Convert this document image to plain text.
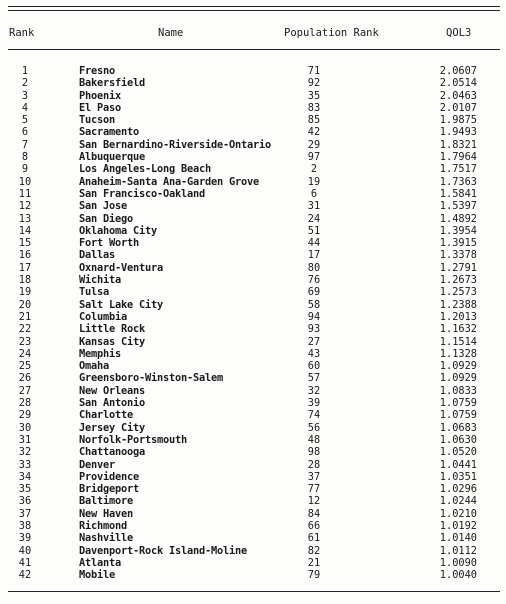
Rank	Name	Population Rank	QOL3
1	Fresno	71	2.0607
2	Bakersfield	92	2.0514
3	Phoenix	35	2.0463
4	El Paso	83	2.0107
5	Tucson	85	1.9875
6	Sacramento	42	1.9493
7	San Bernardino-Riverside-Ontario	29	1.8321
8	Albuquerque	97	1.7964
9	Los Angeles-Long Beach	2	1.7517
10	Anaheim-Santa Ana-Garden Grove	19	1.7363
11	San Francisco-Oakland	6	1.5841
12	San Jose	31	1.5397
13	San Diego	24	1.4892
14	Oklahoma City	51	1.3954
15	Fort Worth	44	1.3915
16	Dallas	17	1.3378
17	Oxnard-Ventura	80	1.2791
18	Wichita	76	1.2673
19	Tulsa	69	1.2573
20	Salt Lake City	58	1.2388
21	Columbia	94	1.2013
22	Little Rock	93	1.1632
23	Kansas City	27	1.1514
24	Memphis	43	1.1328
25	Omaha	60	1.0929
26	Greensboro-Winston-Salem	57	1.0929
27	New Orleans	32	1.0833
28	San Antonio	39	1.0759
29	Charlotte	74	1.0759
30	Jersey City	56	1.0683
31	Norfolk-Portsmouth	48	1.0630
32	Chattanooga	98	1.0520
33	Denver	28	1.0441
34	Providence	37	1.0351
35	Bridgeport	77	1.0296
36	Baltimore	12	1.0244
37	New Haven	84	1.0210
38	Richmond	66	1.0192
39	Nashville	61	1.0140
40	Davenport-Rock Island-Moline	82	1.0112
41	Atlanta	21	1.0090
42	Mobile	79	1.0040
